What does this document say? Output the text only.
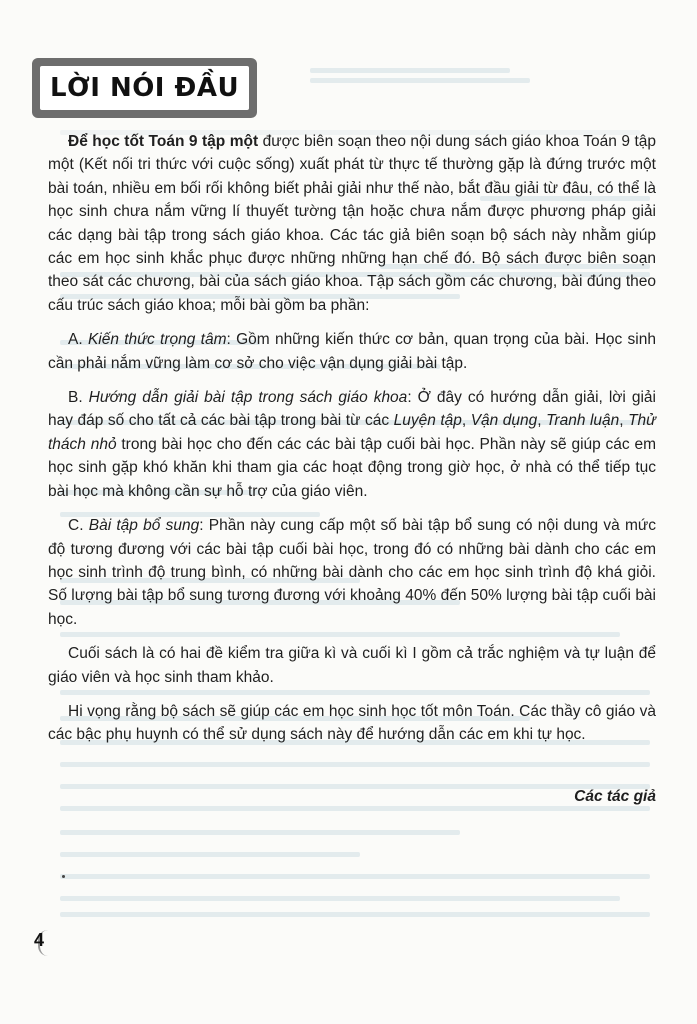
LỜI NÓI ĐẦU

Để học tốt Toán 9 tập một được biên soạn theo nội dung sách giáo khoa Toán 9 tập một (Kết nối tri thức với cuộc sống) xuất phát từ thực tế thường gặp là đứng trước một bài toán, nhiều em bối rối không biết phải giải như thế nào, bắt đầu giải từ đâu, có thể là học sinh chưa nắm vững lí thuyết tường tận hoặc chưa nắm được phương pháp giải các dạng bài tập trong sách giáo khoa. Các tác giả biên soạn bộ sách này nhằm giúp các em học sinh khắc phục được những những hạn chế đó. Bộ sách được biên soạn theo sát các chương, bài của sách giáo khoa. Tập sách gồm các chương, bài đúng theo cấu trúc sách giáo khoa; mỗi bài gồm ba phần:

A. Kiến thức trọng tâm: Gồm những kiến thức cơ bản, quan trọng của bài. Học sinh cần phải nắm vững làm cơ sở cho việc vận dụng giải bài tập.

B. Hướng dẫn giải bài tập trong sách giáo khoa: Ở đây có hướng dẫn giải, lời giải hay đáp số cho tất cả các bài tập trong bài từ các Luyện tập, Vận dụng, Tranh luận, Thử thách nhỏ trong bài học cho đến các các bài tập cuối bài học. Phần này sẽ giúp các em học sinh gặp khó khăn khi tham gia các hoạt động trong giờ học, ở nhà có thể tiếp tục bài học mà không cần sự hỗ trợ của giáo viên.

C. Bài tập bổ sung: Phần này cung cấp một số bài tập bổ sung có nội dung và mức độ tương đương với các bài tập cuối bài học, trong đó có những bài dành cho các em học sinh trình độ trung bình, có những bài dành cho các em học sinh trình độ khá giỏi. Số lượng bài tập bổ sung tương đương với khoảng 40% đến 50% lượng bài tập cuối bài học.

Cuối sách là có hai đề kiểm tra giữa kì và cuối kì I gồm cả trắc nghiệm và tự luận để giáo viên và học sinh tham khảo.

Hi vọng rằng bộ sách sẽ giúp các em học sinh học tốt môn Toán. Các thầy cô giáo và các bậc phụ huynh có thể sử dụng sách này để hướng dẫn các em khi tự học.

Các tác giả

4
